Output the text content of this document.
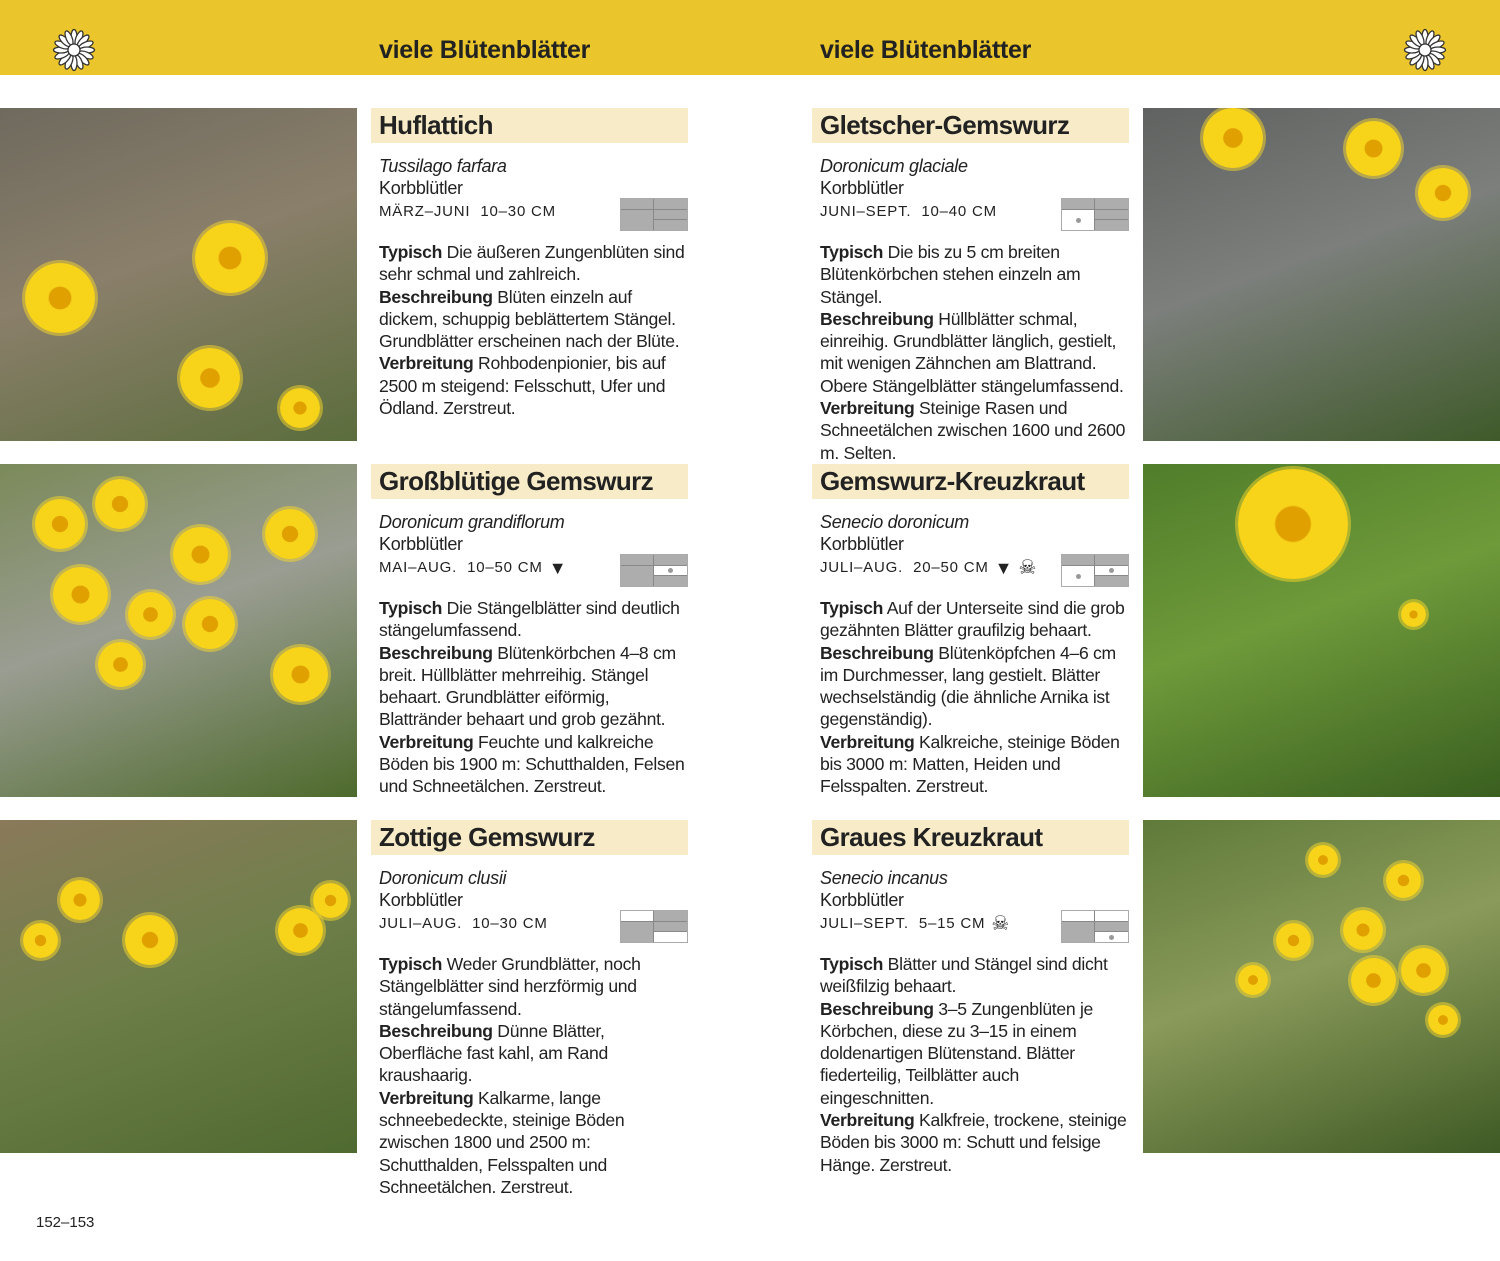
viele Blütenblätter	viele Blütenblätter
Huflattich
Tussilago farfara
Korbblütler
MÄRZ–JUNI 10–30 CM
Typisch Die äußeren Zungenblüten sind sehr schmal und zahlreich.
Beschreibung Blüten einzeln auf dickem, schuppig beblättertem Stängel. Grundblätter erscheinen nach der Blüte.
Verbreitung Rohbodenpionier, bis auf 2500 m steigend: Felsschutt, Ufer und Ödland. Zerstreut.
Gletscher-Gemswurz
Doronicum glaciale
Korbblütler
JUNI–SEPT. 10–40 CM
Typisch Die bis zu 5 cm breiten Blütenkörbchen stehen einzeln am Stängel.
Beschreibung Hüllblätter schmal, einreihig. Grundblätter länglich, gestielt, mit wenigen Zähnchen am Blattrand. Obere Stängelblätter stängelumfassend.
Verbreitung Steinige Rasen und Schneetälchen zwischen 1600 und 2600 m. Selten.
Großblütige Gemswurz
Doronicum grandiflorum
Korbblütler
MAI–AUG. 10–50 CM ▼
Typisch Die Stängelblätter sind deutlich stängelumfassend.
Beschreibung Blütenkörbchen 4–8 cm breit. Hüllblätter mehrreihig. Stängel behaart. Grundblätter eiförmig, Blattränder behaart und grob gezähnt.
Verbreitung Feuchte und kalkreiche Böden bis 1900 m: Schutthalden, Felsen und Schneetälchen. Zerstreut.
Gemswurz-Kreuzkraut
Senecio doronicum
Korbblütler
JULI–AUG. 20–50 CM ▼ ☠
Typisch Auf der Unterseite sind die grob gezähnten Blätter graufilzig behaart.
Beschreibung Blütenköpfchen 4–6 cm im Durchmesser, lang gestielt. Blätter wechselständig (die ähnliche Arnika ist gegenständig).
Verbreitung Kalkreiche, steinige Böden bis 3000 m: Matten, Heiden und Felsspalten. Zerstreut.
Zottige Gemswurz
Doronicum clusii
Korbblütler
JULI–AUG. 10–30 CM
Typisch Weder Grundblätter, noch Stängelblätter sind herzförmig und stängelumfassend.
Beschreibung Dünne Blätter, Oberfläche fast kahl, am Rand kraushaarig.
Verbreitung Kalkarme, lange schneebedeckte, steinige Böden zwischen 1800 und 2500 m: Schutthalden, Felsspalten und Schneetälchen. Zerstreut.
Graues Kreuzkraut
Senecio incanus
Korbblütler
JULI–SEPT. 5–15 CM ☠
Typisch Blätter und Stängel sind dicht weißfilzig behaart.
Beschreibung 3–5 Zungenblüten je Körbchen, diese zu 3–15 in einem doldenartigen Blütenstand. Blätter fiederteilig, Teilblätter auch eingeschnitten.
Verbreitung Kalkfreie, trockene, steinige Böden bis 3000 m: Schutt und felsige Hänge. Zerstreut.
152–153
